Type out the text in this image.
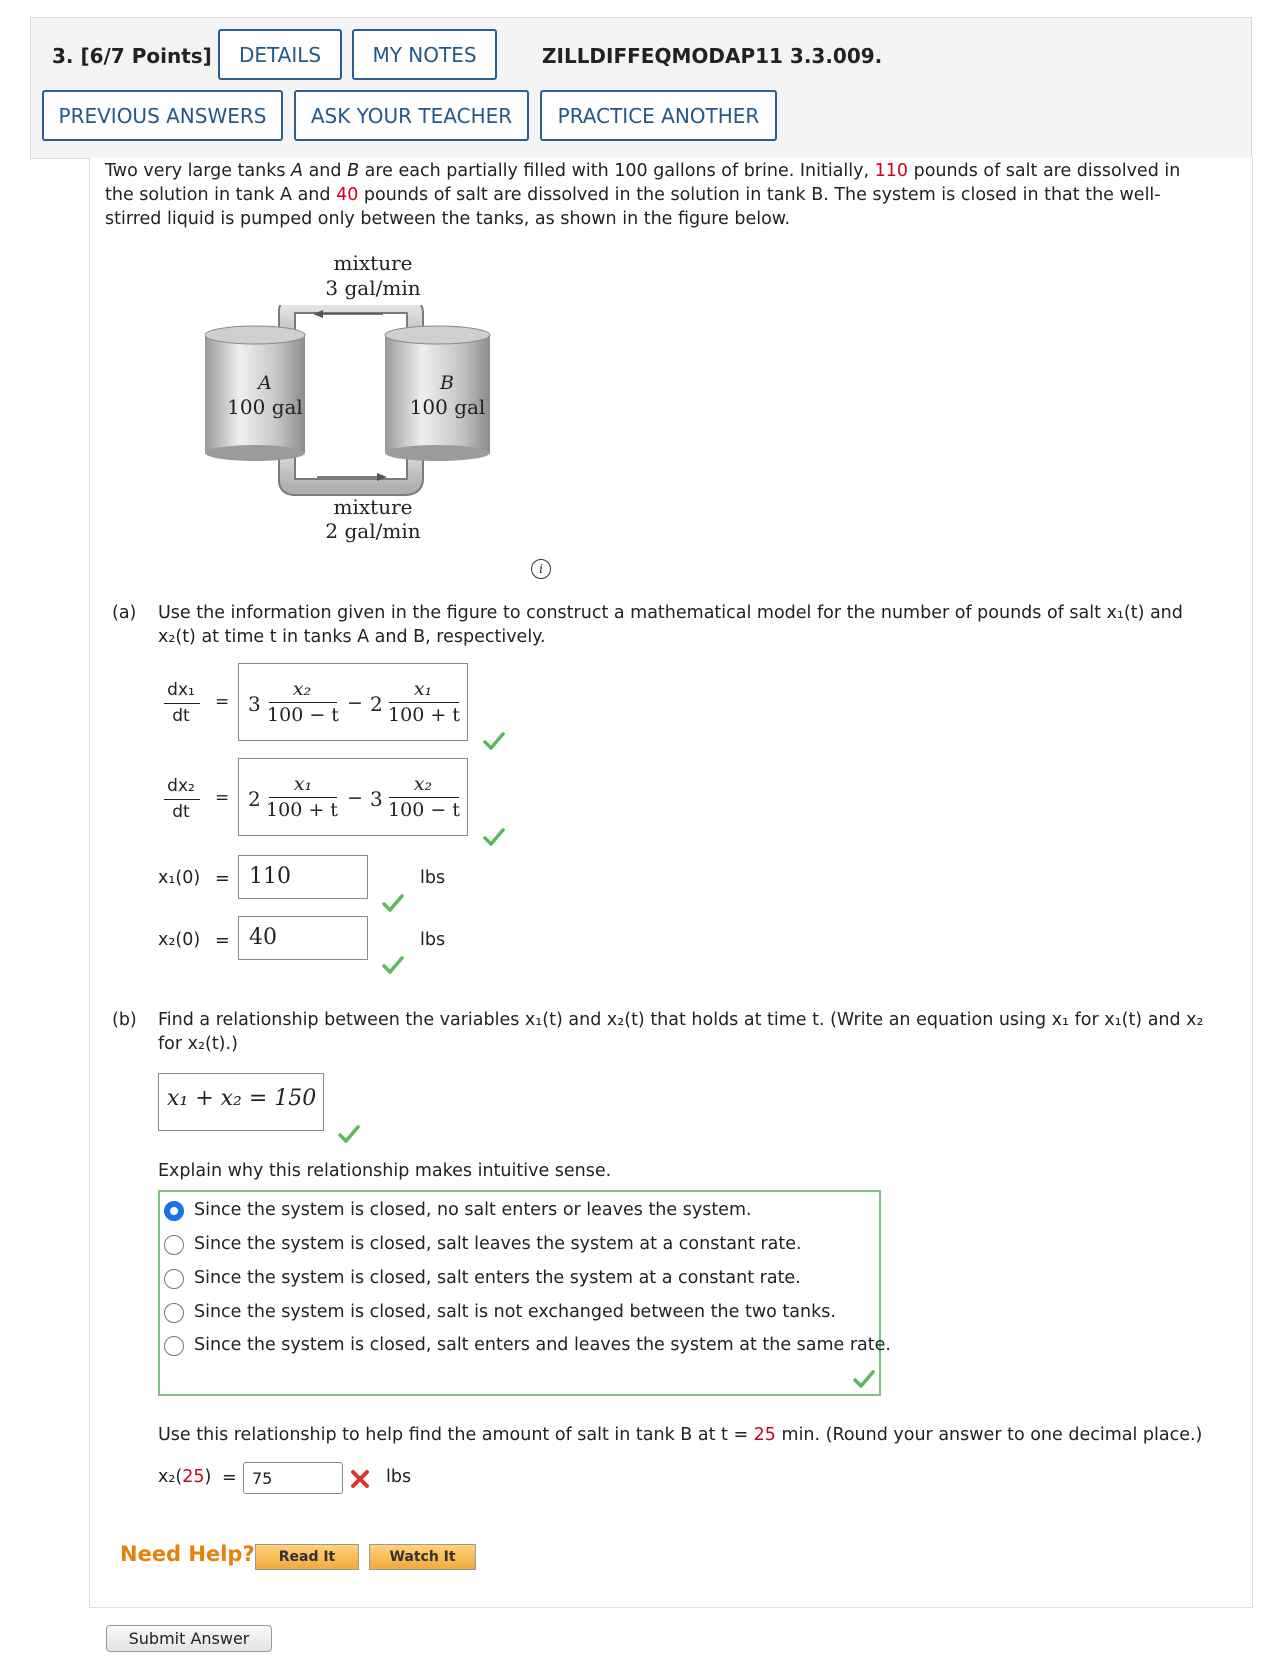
3. [6/7 Points]	DETAILS	MY NOTES	ZILLDIFFEQMODAP11 3.3.009.
PREVIOUS ANSWERS	ASK YOUR TEACHER	PRACTICE ANOTHER
Two very large tanks A and B are each partially filled with 100 gallons of brine. Initially, 110 pounds of salt are dissolved in the solution in tank A and 40 pounds of salt are dissolved in the solution in tank B. The system is closed in that the well-stirred liquid is pumped only between the tanks, as shown in the figure below.
mixture
3 gal/min
A
100 gal
B
100 gal
mixture
2 gal/min
i
(a) Use the information given in the figure to construct a mathematical model for the number of pounds of salt x₁(t) and x₂(t) at time t in tanks A and B, respectively.
dx₁
dt
= 3
x₂
100 − t
− 2
x₁
100 + t
dx₂
dt
= 2
x₁
100 + t
− 3
x₂
100 − t
x₁(0) = 110	lbs
x₂(0) = 40	lbs
(b) Find a relationship between the variables x₁(t) and x₂(t) that holds at time t. (Write an equation using x₁ for x₁(t) and x₂ for x₂(t).)
x₁ + x₂ = 150
Explain why this relationship makes intuitive sense.
Since the system is closed, no salt enters or leaves the system.
Since the system is closed, salt leaves the system at a constant rate.
Since the system is closed, salt enters the system at a constant rate.
Since the system is closed, salt is not exchanged between the two tanks.
Since the system is closed, salt enters and leaves the system at the same rate.
Use this relationship to help find the amount of salt in tank B at t = 25 min. (Round your answer to one decimal place.)
x₂(25) = 75	lbs
Need Help?	Read It	Watch It
Submit Answer
